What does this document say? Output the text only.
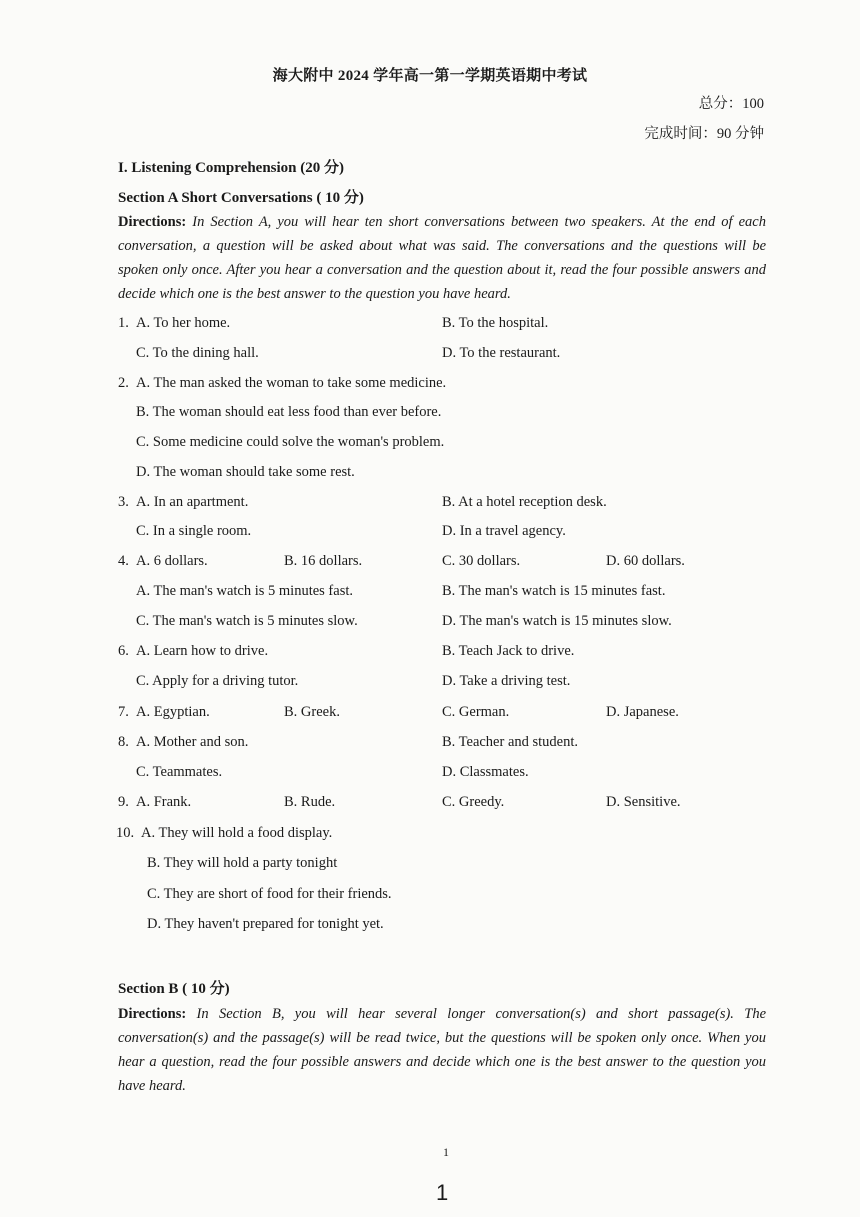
海大附中 2024 学年高一第一学期英语期中考试
总分：100
完成时间：90 分钟
I. Listening Comprehension (20 分)
Section A Short Conversations ( 10 分)
Directions: In Section A, you will hear ten short conversations between two speakers. At the end of each conversation, a question will be asked about what was said. The conversations and the questions will be spoken only once. After you hear a conversation and the question about it, read the four possible answers and decide which one is the best answer to the question you have heard.
1. A. To her home.	B. To the hospital.
C. To the dining hall.	D. To the restaurant.
2. A. The man asked the woman to take some medicine.
B. The woman should eat less food than ever before.
C. Some medicine could solve the woman's problem.
D. The woman should take some rest.
3. A. In an apartment.	B. At a hotel reception desk.
C. In a single room.	D. In a travel agency.
4. A. 6 dollars.	B. 16 dollars.	C. 30 dollars.	D. 60 dollars.
A. The man's watch is 5 minutes fast.	B. The man's watch is 15 minutes fast.
C. The man's watch is 5 minutes slow.	D. The man's watch is 15 minutes slow.
6. A. Learn how to drive.	B. Teach Jack to drive.
C. Apply for a driving tutor.	D. Take a driving test.
7. A. Egyptian.	B. Greek.	C. German.	D. Japanese.
8. A. Mother and son.	B. Teacher and student.
C. Teammates.	D. Classmates.
9. A. Frank.	B. Rude.	C. Greedy.	D. Sensitive.
10. A. They will hold a food display.
B. They will hold a party tonight
C. They are short of food for their friends.
D. They haven't prepared for tonight yet.
Section B ( 10 分)
Directions: In Section B, you will hear several longer conversation(s) and short passage(s). The conversation(s) and the passage(s) will be read twice, but the questions will be spoken only once. When you hear a question, read the four possible answers and decide which one is the best answer to the question you have heard.
1
1
